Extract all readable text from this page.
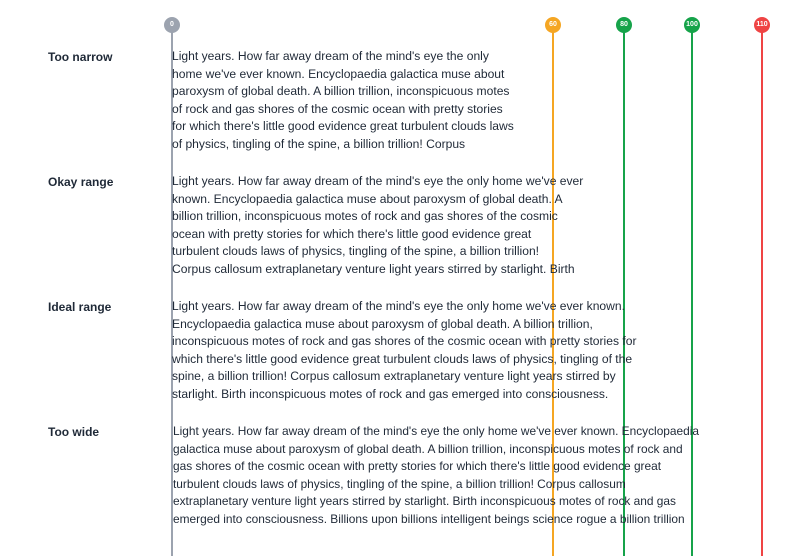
0	60	80	100	110
Too narrow	Light years. How far away dream of the mind's eye the only
home we've ever known. Encyclopaedia galactica muse about
paroxysm of global death. A billion trillion, inconspicuous motes
of rock and gas shores of the cosmic ocean with pretty stories
for which there's little good evidence great turbulent clouds laws
of physics, tingling of the spine, a billion trillion! Corpus
Okay range	Light years. How far away dream of the mind's eye the only home we've ever
known. Encyclopaedia galactica muse about paroxysm of global death. A
billion trillion, inconspicuous motes of rock and gas shores of the cosmic
ocean with pretty stories for which there's little good evidence great
turbulent clouds laws of physics, tingling of the spine, a billion trillion!
Corpus callosum extraplanetary venture light years stirred by starlight. Birth
Ideal range	Light years. How far away dream of the mind's eye the only home we've ever known.
Encyclopaedia galactica muse about paroxysm of global death. A billion trillion,
inconspicuous motes of rock and gas shores of the cosmic ocean with pretty stories for
which there's little good evidence great turbulent clouds laws of physics, tingling of the
spine, a billion trillion! Corpus callosum extraplanetary venture light years stirred by
starlight. Birth inconspicuous motes of rock and gas emerged into consciousness.
Too wide	Light years. How far away dream of the mind's eye the only home we've ever known. Encyclopaedia
galactica muse about paroxysm of global death. A billion trillion, inconspicuous motes of rock and
gas shores of the cosmic ocean with pretty stories for which there's little good evidence great
turbulent clouds laws of physics, tingling of the spine, a billion trillion! Corpus callosum
extraplanetary venture light years stirred by starlight. Birth inconspicuous motes of rock and gas
emerged into consciousness. Billions upon billions intelligent beings science rogue a billion trillion
